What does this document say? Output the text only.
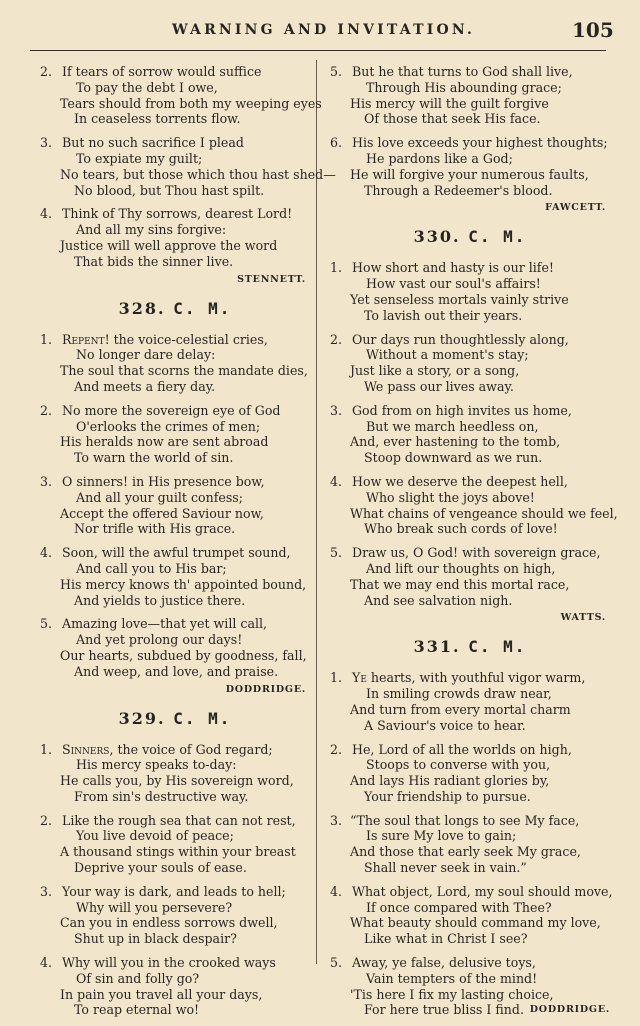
WARNING AND INVITATION.	105
2. If tears of sorrow would suffice
To pay the debt I owe,
Tears should from both my weeping eyes
In ceaseless torrents flow.
3. But no such sacrifice I plead
To expiate my guilt;
No tears, but those which thou hast shed—
No blood, but Thou hast spilt.
4. Think of Thy sorrows, dearest Lord!
And all my sins forgive:
Justice will well approve the word
That bids the sinner live.
STENNETT.
328. C. M.
1. Repent! the voice-celestial cries,
No longer dare delay:
The soul that scorns the mandate dies,
And meets a fiery day.
2. No more the sovereign eye of God
O'erlooks the crimes of men;
His heralds now are sent abroad
To warn the world of sin.
3. O sinners! in His presence bow,
And all your guilt confess;
Accept the offered Saviour now,
Nor trifle with His grace.
4. Soon, will the awful trumpet sound,
And call you to His bar;
His mercy knows th' appointed bound,
And yields to justice there.
5. Amazing love—that yet will call,
And yet prolong our days!
Our hearts, subdued by goodness, fall,
And weep, and love, and praise.
DODDRIDGE.
329. C. M.
1. Sinners, the voice of God regard;
His mercy speaks to-day:
He calls you, by His sovereign word,
From sin's destructive way.
2. Like the rough sea that can not rest,
You live devoid of peace;
A thousand stings within your breast
Deprive your souls of ease.
3. Your way is dark, and leads to hell;
Why will you persevere?
Can you in endless sorrows dwell,
Shut up in black despair?
4. Why will you in the crooked ways
Of sin and folly go?
In pain you travel all your days,
To reap eternal wo!
5. But he that turns to God shall live,
Through His abounding grace;
His mercy will the guilt forgive
Of those that seek His face.
6. His love exceeds your highest thoughts;
He pardons like a God;
He will forgive your numerous faults,
Through a Redeemer's blood.
FAWCETT.
330. C. M.
1. How short and hasty is our life!
How vast our soul's affairs!
Yet senseless mortals vainly strive
To lavish out their years.
2. Our days run thoughtlessly along,
Without a moment's stay;
Just like a story, or a song,
We pass our lives away.
3. God from on high invites us home,
But we march heedless on,
And, ever hastening to the tomb,
Stoop downward as we run.
4. How we deserve the deepest hell,
Who slight the joys above!
What chains of vengeance should we feel,
Who break such cords of love!
5. Draw us, O God! with sovereign grace,
And lift our thoughts on high,
That we may end this mortal race,
And see salvation nigh.
WATTS.
331. C. M.
1. Ye hearts, with youthful vigor warm,
In smiling crowds draw near,
And turn from every mortal charm
A Saviour's voice to hear.
2. He, Lord of all the worlds on high,
Stoops to converse with you,
And lays His radiant glories by,
Your friendship to pursue.
3. “The soul that longs to see My face,
Is sure My love to gain;
And those that early seek My grace,
Shall never seek in vain.”
4. What object, Lord, my soul should move,
If once compared with Thee?
What beauty should command my love,
Like what in Christ I see?
5. Away, ye false, delusive toys,
Vain tempters of the mind!
'Tis here I fix my lasting choice,
For here true bliss I find. DODDRIDGE.
